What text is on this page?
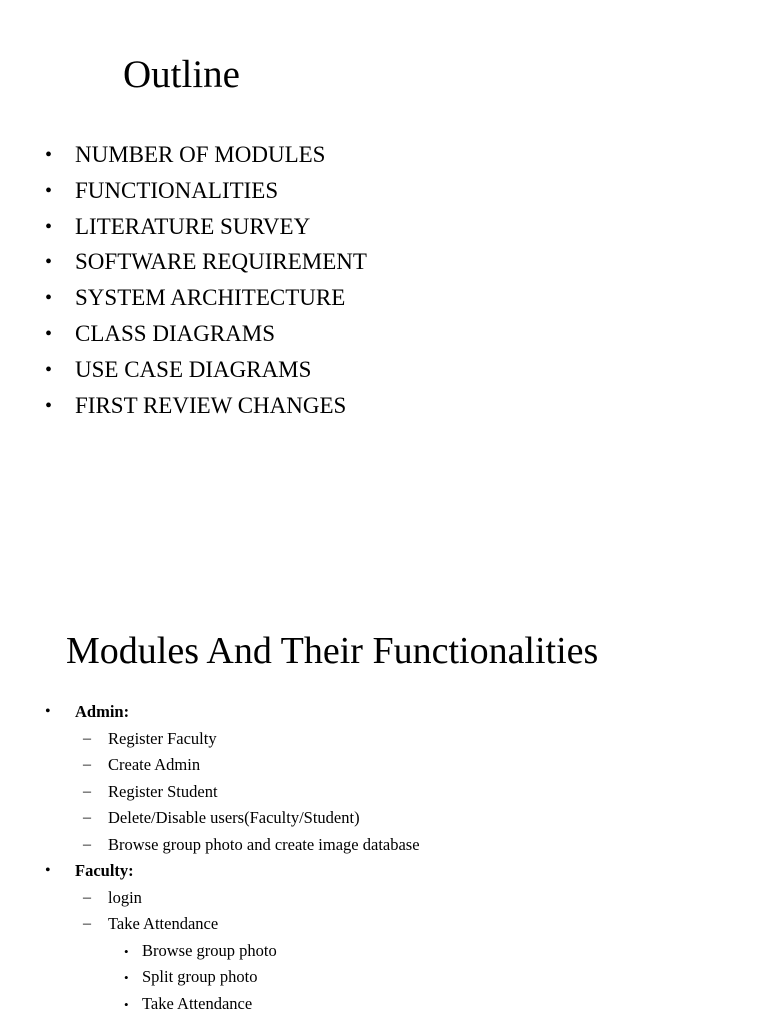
Outline
• NUMBER OF MODULES
• FUNCTIONALITIES
• LITERATURE SURVEY
• SOFTWARE REQUIREMENT
• SYSTEM ARCHITECTURE
• CLASS DIAGRAMS
• USE CASE DIAGRAMS
• FIRST REVIEW CHANGES
Modules And Their Functionalities
• Admin:
– Register Faculty
– Create Admin
– Register Student
– Delete/Disable users(Faculty/Student)
– Browse group photo and create image database
• Faculty:
– login
– Take Attendance
• Browse group photo
• Split group photo
• Take Attendance
